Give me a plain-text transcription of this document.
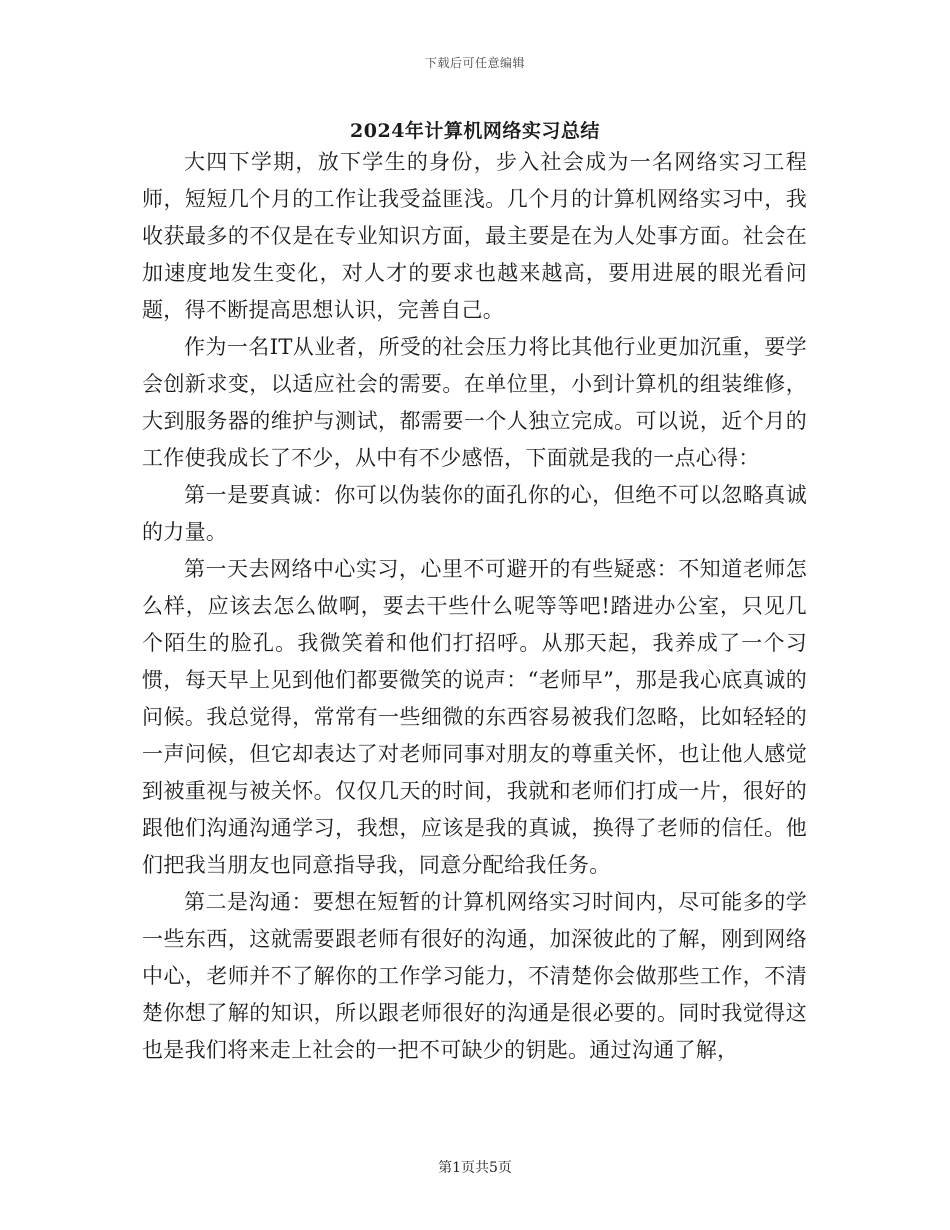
下载后可任意编辑
2024年计算机网络实习总结

大四下学期，放下学生的身份，步入社会成为一名网络实习工程师，短短几个月的工作让我受益匪浅。几个月的计算机网络实习中，我收获最多的不仅是在专业知识方面，最主要是在为人处事方面。社会在加速度地发生变化，对人才的要求也越来越高，要用进展的眼光看问题，得不断提高思想认识，完善自己。

作为一名IT从业者，所受的社会压力将比其他行业更加沉重，要学会创新求变，以适应社会的需要。在单位里，小到计算机的组装维修，大到服务器的维护与测试，都需要一个人独立完成。可以说，近个月的工作使我成长了不少，从中有不少感悟，下面就是我的一点心得：

第一是要真诚：你可以伪装你的面孔你的心，但绝不可以忽略真诚的力量。

第一天去网络中心实习，心里不可避开的有些疑惑：不知道老师怎么样，应该去怎么做啊，要去干些什么呢等等吧!踏进办公室，只见几个陌生的脸孔。我微笑着和他们打招呼。从那天起，我养成了一个习惯，每天早上见到他们都要微笑的说声：“老师早”，那是我心底真诚的问候。我总觉得，常常有一些细微的东西容易被我们忽略，比如轻轻的一声问候，但它却表达了对老师同事对朋友的尊重关怀，也让他人感觉到被重视与被关怀。仅仅几天的时间，我就和老师们打成一片，很好的跟他们沟通沟通学习，我想，应该是我的真诚，换得了老师的信任。他们把我当朋友也同意指导我，同意分配给我任务。

第二是沟通：要想在短暂的计算机网络实习时间内，尽可能多的学一些东西，这就需要跟老师有很好的沟通，加深彼此的了解，刚到网络中心，老师并不了解你的工作学习能力，不清楚你会做那些工作，不清楚你想了解的知识，所以跟老师很好的沟通是很必要的。同时我觉得这也是我们将来走上社会的一把不可缺少的钥匙。通过沟通了解，

第1页共5页
